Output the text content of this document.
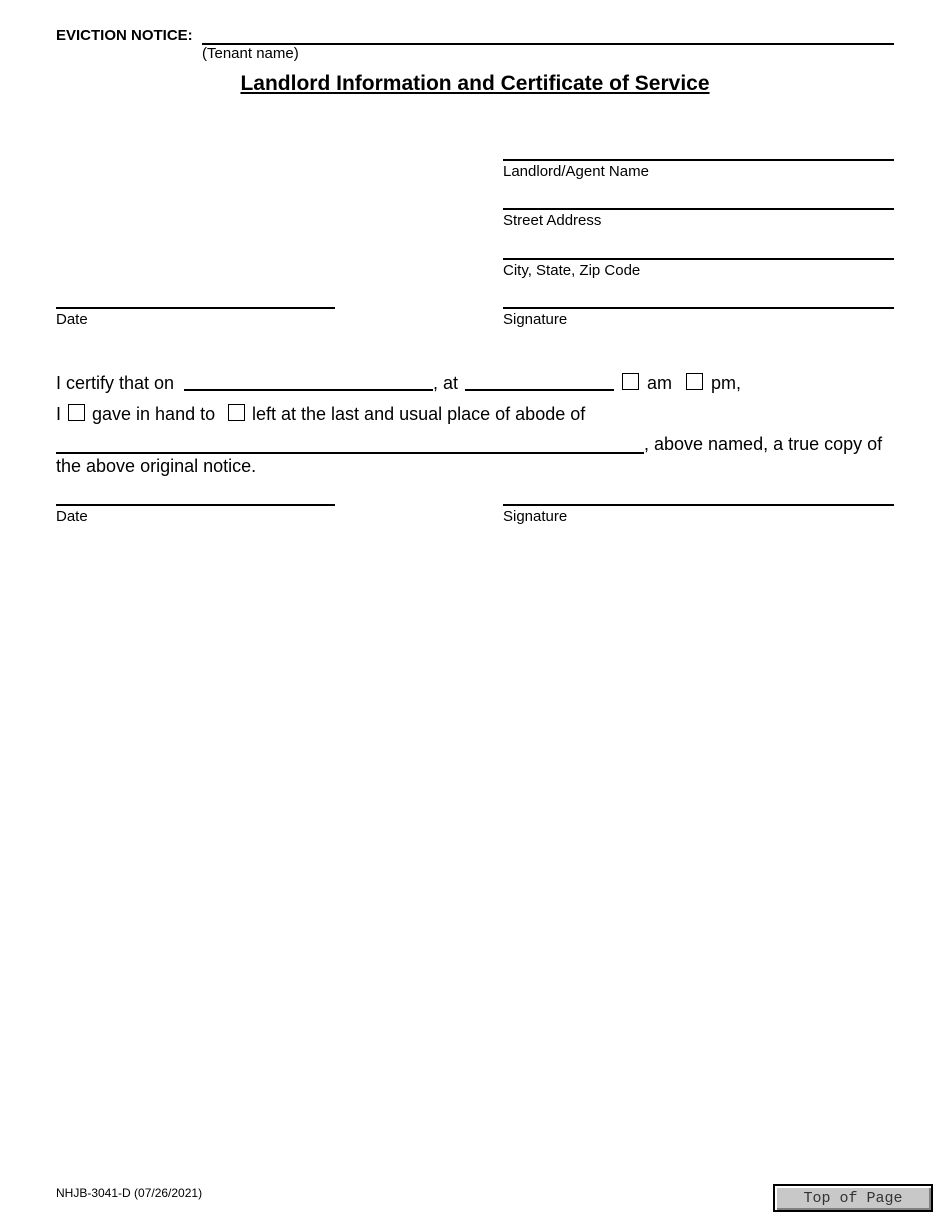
EVICTION NOTICE:
(Tenant name)
Landlord Information and Certificate of Service
Landlord/Agent Name
Street Address
City, State, Zip Code
Date	Signature
I certify that on	, at	am pm,
I gave in hand to left at the last and usual place of abode of
, above named, a true copy of
the above original notice.
Date	Signature
NHJB-3041-D (07/26/2021)	Top of Page
